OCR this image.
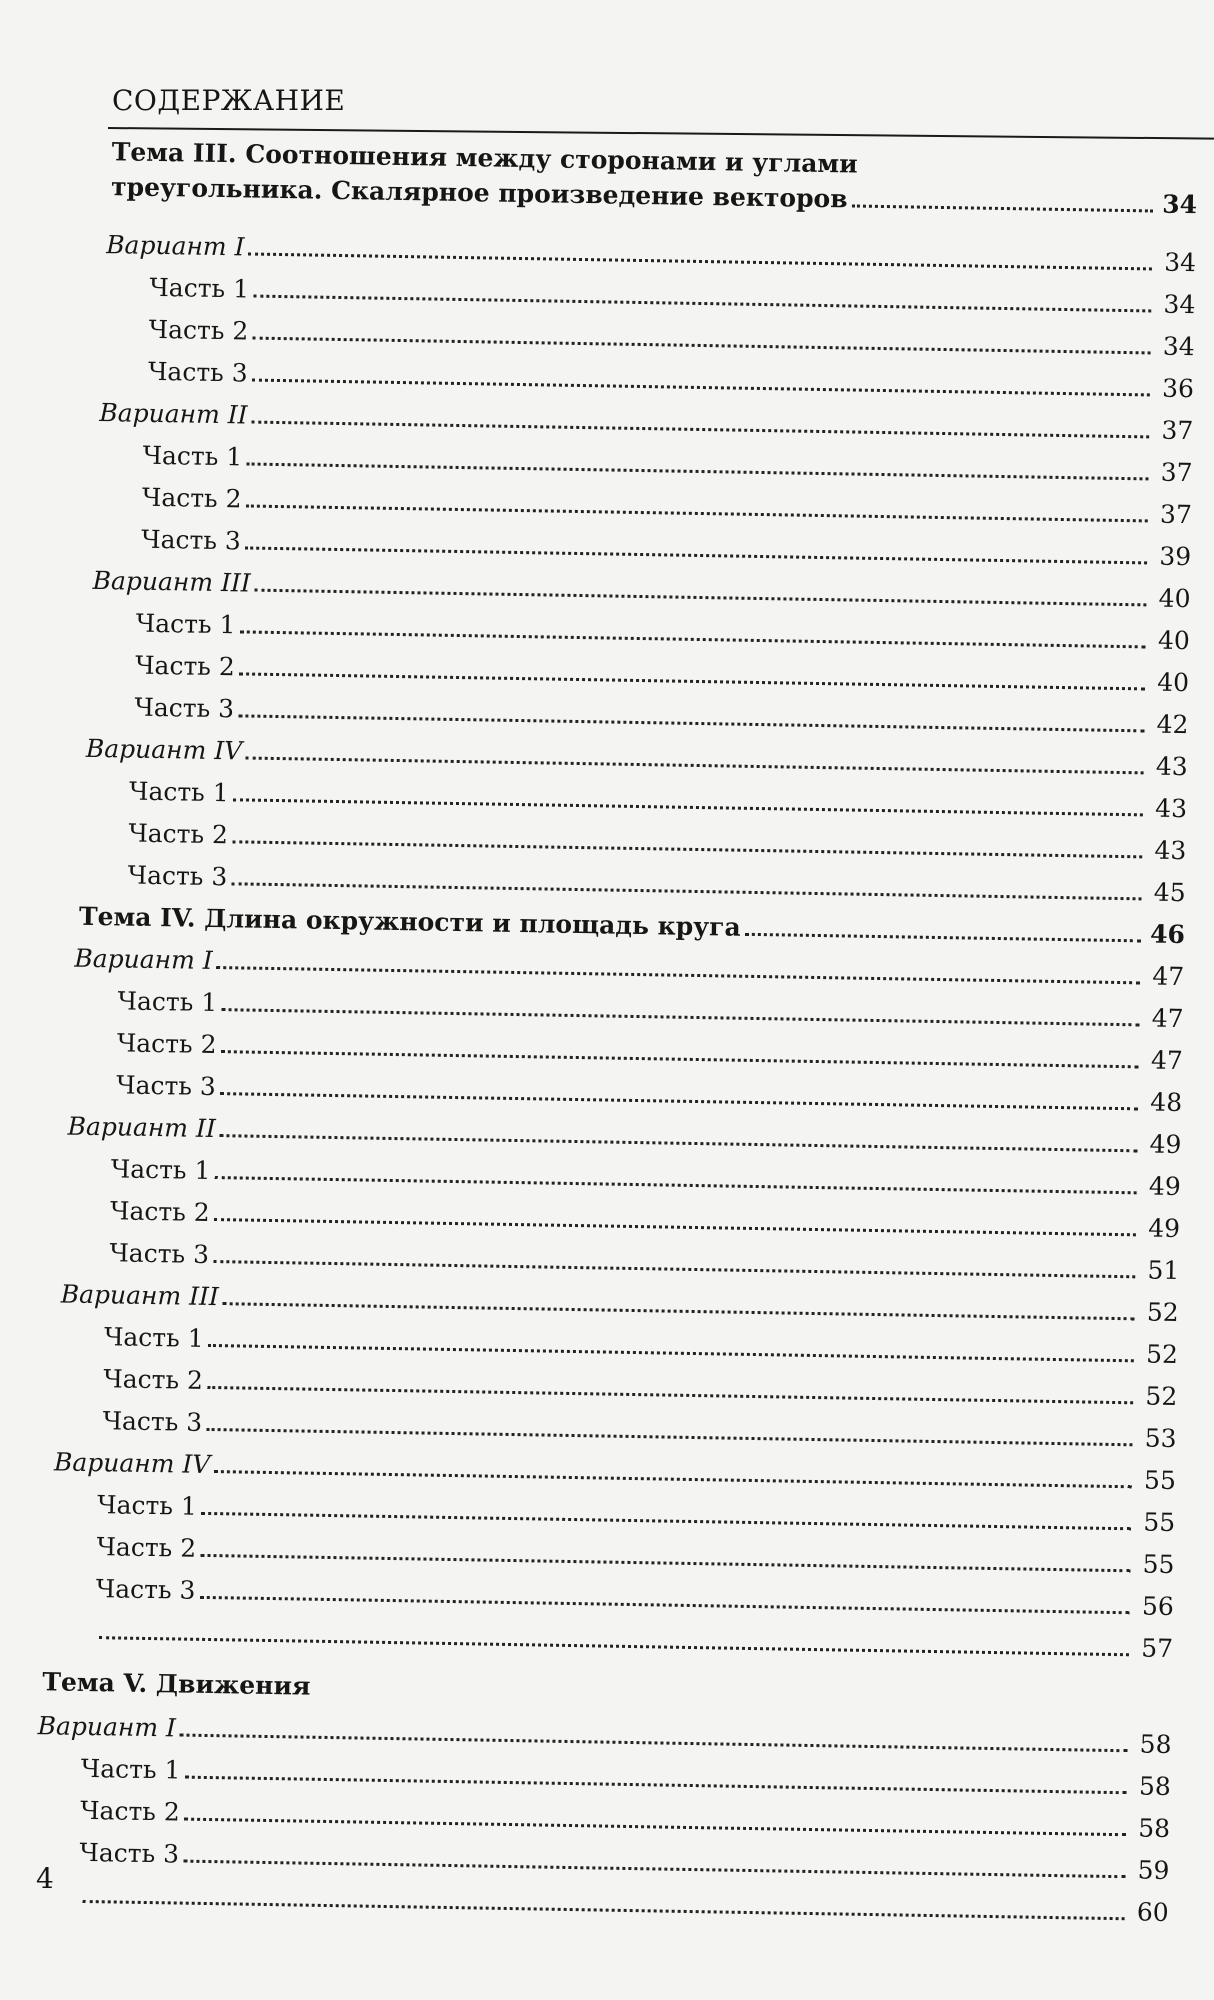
СОДЕРЖАНИЕ
Тема III. Соотношения между сторонами и углами
треугольника. Скалярное произведение векторов	34
Вариант I
34
Часть 1
34
Часть 2
34
Часть 3
36
Вариант II
37
Часть 1
37
Часть 2
37
Часть 3
39
Вариант III
40
Часть 1
40
Часть 2
40
Часть 3
42
Вариант IV
43
Часть 1
43
Часть 2
43
Часть 3
45
Тема IV. Длина окружности и площадь круга	46
Вариант I
47
Часть 1
47
Часть 2
47
Часть 3
48
Вариант II
49
Часть 1
49
Часть 2
49
Часть 3
51
Вариант III
52
Часть 1
52
Часть 2
52
Часть 3
53
Вариант IV
55
Часть 1
55
Часть 2
55
Часть 3
56
57
Тема V. Движения
Вариант I
58
Часть 1
58
Часть 2
58
Часть 3
59
60
4
